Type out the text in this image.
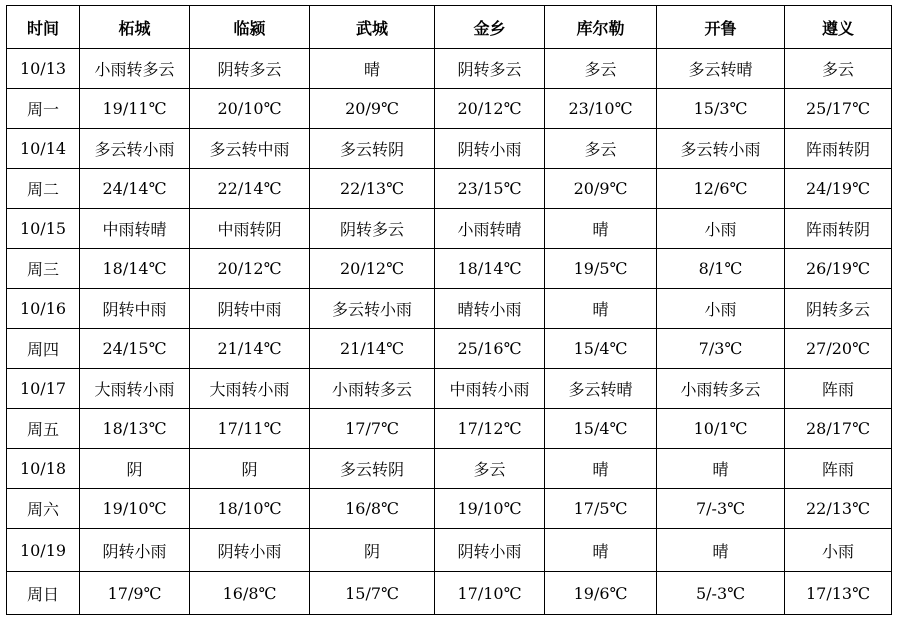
时间	柘城	临颍	武城	金乡	库尔勒	开鲁	遵义
10/13	小雨转多云	阴转多云	晴	阴转多云	多云	多云转晴	多云
周一	19/11℃	20/10℃	20/9℃	20/12℃	23/10℃	15/3℃	25/17℃
10/14	多云转小雨	多云转中雨	多云转阴	阴转小雨	多云	多云转小雨	阵雨转阴
周二	24/14℃	22/14℃	22/13℃	23/15℃	20/9℃	12/6℃	24/19℃
10/15	中雨转晴	中雨转阴	阴转多云	小雨转晴	晴	小雨	阵雨转阴
周三	18/14℃	20/12℃	20/12℃	18/14℃	19/5℃	8/1℃	26/19℃
10/16	阴转中雨	阴转中雨	多云转小雨	晴转小雨	晴	小雨	阴转多云
周四	24/15℃	21/14℃	21/14℃	25/16℃	15/4℃	7/3℃	27/20℃
10/17	大雨转小雨	大雨转小雨	小雨转多云	中雨转小雨	多云转晴	小雨转多云	阵雨
周五	18/13℃	17/11℃	17/7℃	17/12℃	15/4℃	10/1℃	28/17℃
10/18	阴	阴	多云转阴	多云	晴	晴	阵雨
周六	19/10℃	18/10℃	16/8℃	19/10℃	17/5℃	7/-3℃	22/13℃
10/19	阴转小雨	阴转小雨	阴	阴转小雨	晴	晴	小雨
周日	17/9℃	16/8℃	15/7℃	17/10℃	19/6℃	5/-3℃	17/13℃
